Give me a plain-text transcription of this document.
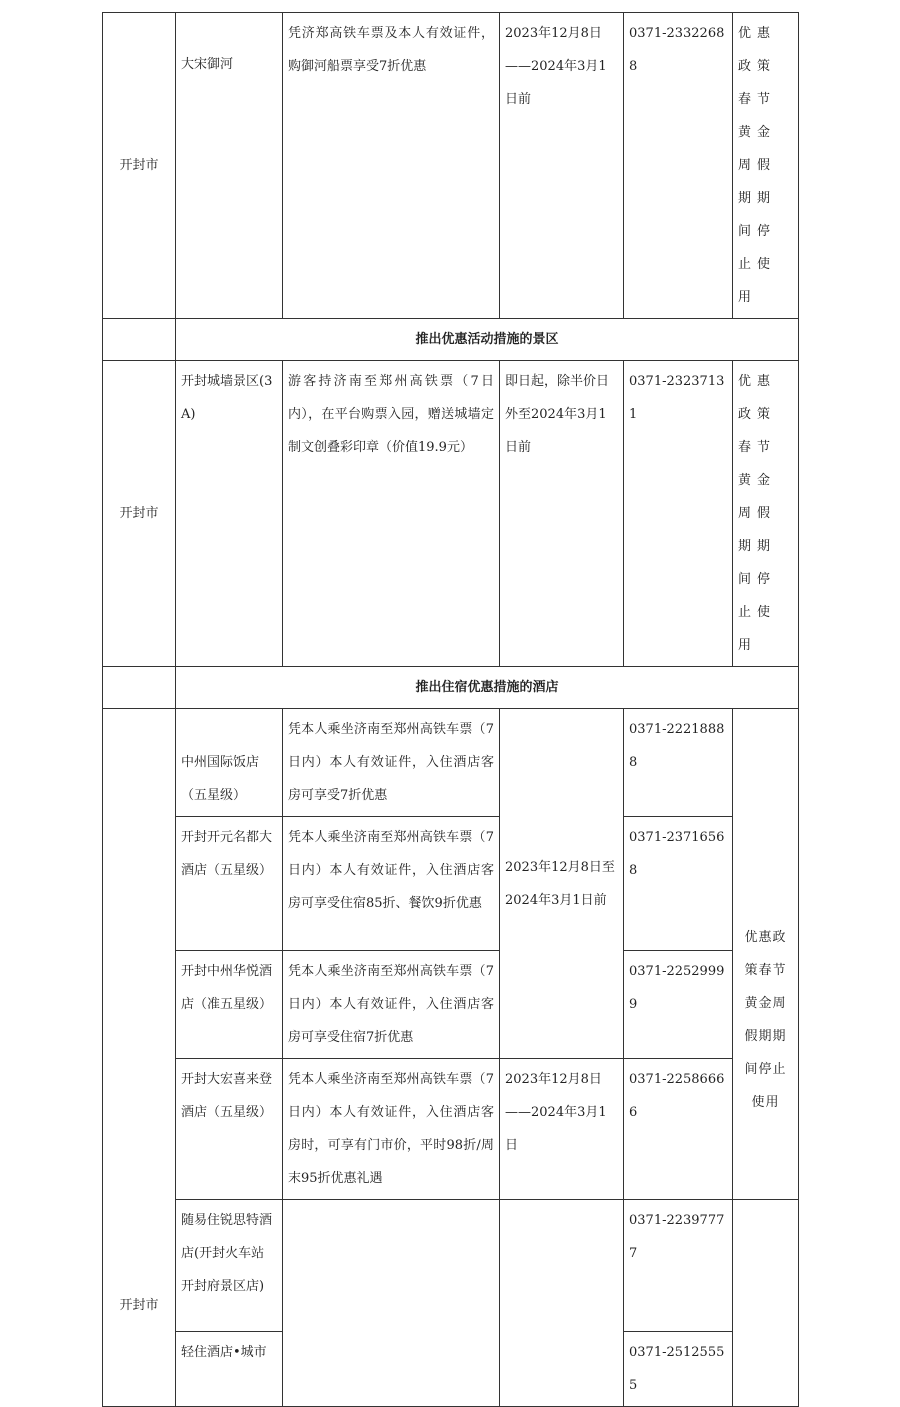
开封市	大宋御河	凭济郑高铁车票及本人有效证件，购御河船票享受7折优惠	2023年12月8日——2024年3月1日前	0371-23322688	优惠政策春节黄金周假期期间停止使用
	推出优惠活动措施的景区				
开封市	开封城墙景区(3A)	游客持济南至郑州高铁票（7日内），在平台购票入园，赠送城墙定制文创叠彩印章（价值19.9元）	即日起，除半价日外至2024年3月1日前	0371-23237131	优惠政策春节黄金周假期期间停止使用
	推出住宿优惠措施的酒店				
开封市	中州国际饭店（五星级）	凭本人乘坐济南至郑州高铁车票（7日内）本人有效证件，入住酒店客房可享受7折优惠	2023年12月8日至2024年3月1日前	0371-22218888	优惠政策春节黄金周假期期间停止使用
	开封开元名都大酒店（五星级）	凭本人乘坐济南至郑州高铁车票（7日内）本人有效证件，入住酒店客房可享受住宿85折、餐饮9折优惠		0371-23716568	
	开封中州华悦酒店（准五星级）	凭本人乘坐济南至郑州高铁车票（7日内）本人有效证件，入住酒店客房可享受住宿7折优惠		0371-22529999	
	开封大宏喜来登酒店（五星级）	凭本人乘坐济南至郑州高铁车票（7日内）本人有效证件，入住酒店客房时，可享有门市价，平时98折/周末95折优惠礼遇	2023年12月8日——2024年3月1日	0371-22586666	
	随易住锐思特酒店(开封火车站开封府景区店)			0371-22397777	
	轻住酒店•城市			0371-25125555	
